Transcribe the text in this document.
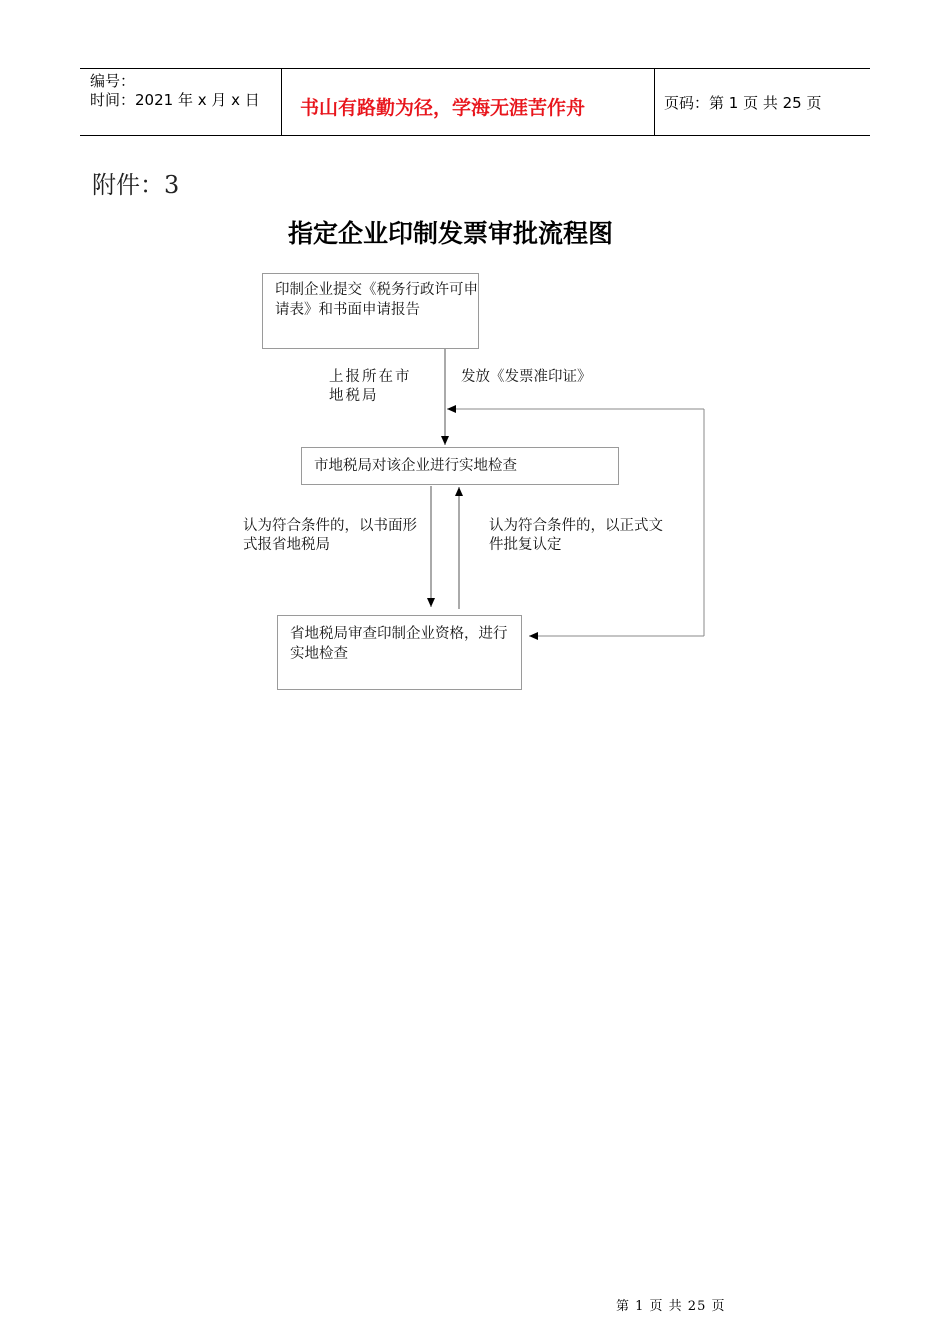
编号：
时间：2021 年 x 月 x 日 书山有路勤为径，学海无涯苦作舟	页码：第 1 页 共 25 页
附件：3
指定企业印制发票审批流程图
印制企业提交《税务行政许可申请表》和书面申请报告
市地税局对该企业进行实地检查
省地税局审查印制企业资格，进行实地检查
上报所在市地税局
发放《发票准印证》
认为符合条件的，以书面形式报省地税局
认为符合条件的，以正式文件批复认定
第 1 页 共 25 页
